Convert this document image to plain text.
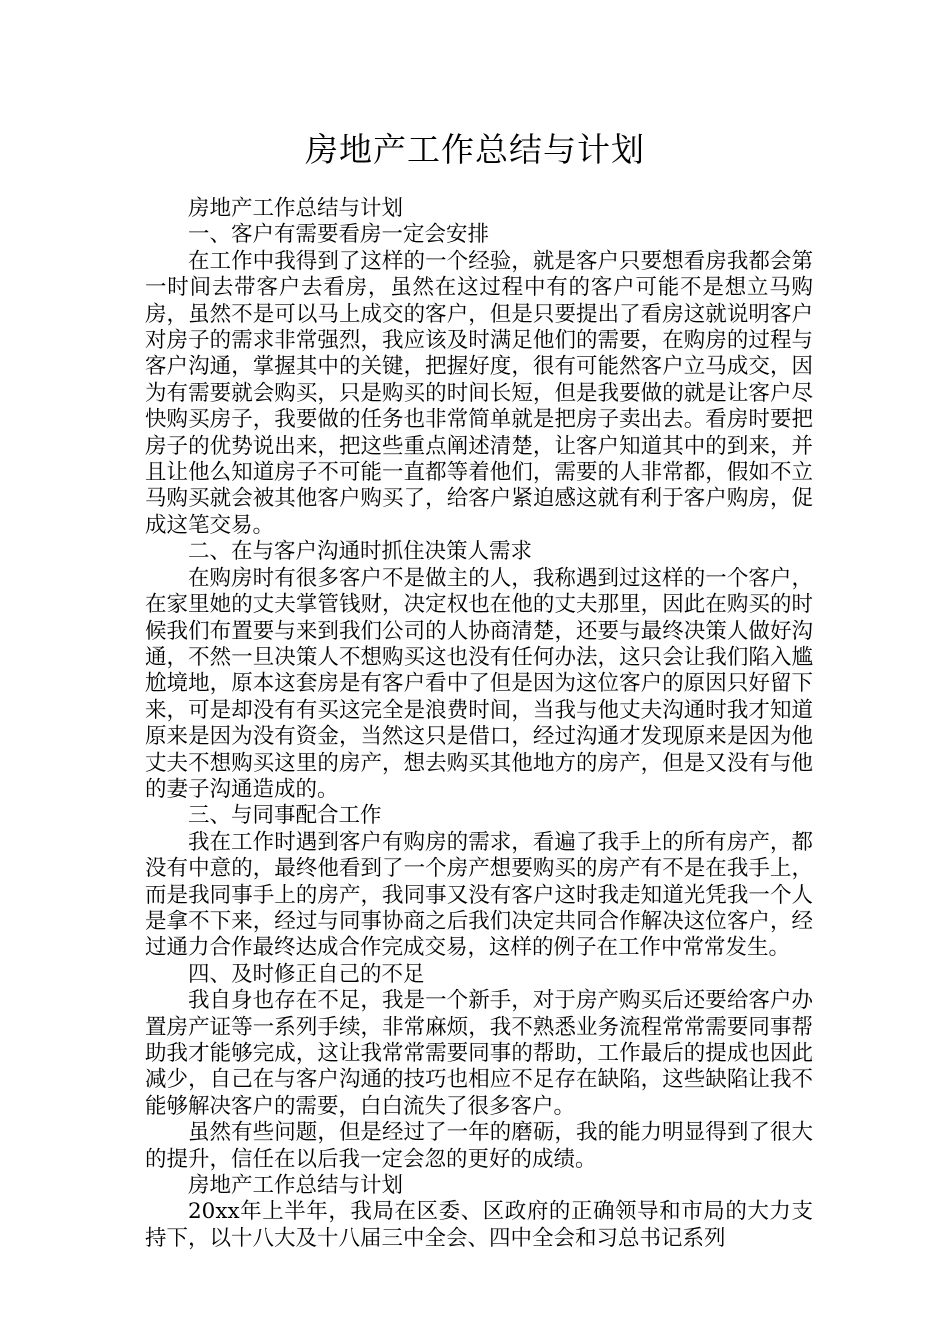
房地产工作总结与计划

房地产工作总结与计划

一、客户有需要看房一定会安排

在工作中我得到了这样的一个经验，就是客户只要想看房我都会第一时间去带客户去看房，虽然在这过程中有的客户可能不是想立马购房，虽然不是可以马上成交的客户，但是只要提出了看房这就说明客户对房子的需求非常强烈，我应该及时满足他们的需要，在购房的过程与客户沟通，掌握其中的关键，把握好度，很有可能然客户立马成交，因为有需要就会购买，只是购买的时间长短，但是我要做的就是让客户尽快购买房子，我要做的任务也非常简单就是把房子卖出去。看房时要把房子的优势说出来，把这些重点阐述清楚，让客户知道其中的到来，并且让他么知道房子不可能一直都等着他们，需要的人非常都，假如不立马购买就会被其他客户购买了，给客户紧迫感这就有利于客户购房，促成这笔交易。

二、在与客户沟通时抓住决策人需求

在购房时有很多客户不是做主的人，我称遇到过这样的一个客户，在家里她的丈夫掌管钱财，决定权也在他的丈夫那里，因此在购买的时候我们布置要与来到我们公司的人协商清楚，还要与最终决策人做好沟通，不然一旦决策人不想购买这也没有任何办法，这只会让我们陷入尴尬境地，原本这套房是有客户看中了但是因为这位客户的原因只好留下来，可是却没有有买这完全是浪费时间，当我与他丈夫沟通时我才知道原来是因为没有资金，当然这只是借口，经过沟通才发现原来是因为他丈夫不想购买这里的房产，想去购买其他地方的房产，但是又没有与他的妻子沟通造成的。

三、与同事配合工作

我在工作时遇到客户有购房的需求，看遍了我手上的所有房产，都没有中意的，最终他看到了一个房产想要购买的房产有不是在我手上，而是我同事手上的房产，我同事又没有客户这时我走知道光凭我一个人是拿不下来，经过与同事协商之后我们决定共同合作解决这位客户，经过通力合作最终达成合作完成交易，这样的例子在工作中常常发生。

四、及时修正自己的不足

我自身也存在不足，我是一个新手，对于房产购买后还要给客户办置房产证等一系列手续，非常麻烦，我不熟悉业务流程常常需要同事帮助我才能够完成，这让我常常需要同事的帮助，工作最后的提成也因此减少，自己在与客户沟通的技巧也相应不足存在缺陷，这些缺陷让我不能够解决客户的需要，白白流失了很多客户。

虽然有些问题，但是经过了一年的磨砺，我的能力明显得到了很大的提升，信任在以后我一定会忽的更好的成绩。

房地产工作总结与计划

20xx年上半年，我局在区委、区政府的正确领导和市局的大力支持下，以十八大及十八届三中全会、四中全会和习总书记系列
